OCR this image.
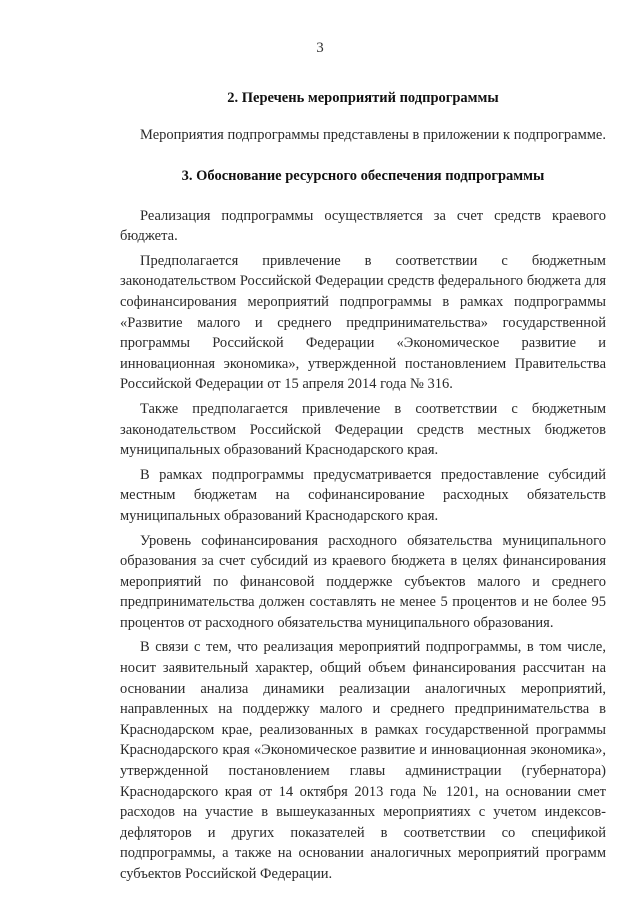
3

2. Перечень мероприятий подпрограммы

Мероприятия подпрограммы представлены в приложении к подпрограмме.

3. Обоснование ресурсного обеспечения подпрограммы

Реализация подпрограммы осуществляется за счет средств краевого бюджета.

Предполагается привлечение в соответствии с бюджетным законодательством Российской Федерации средств федерального бюджета для софинансирования мероприятий подпрограммы в рамках подпрограммы «Развитие малого и среднего предпринимательства» государственной программы Российской Федерации «Экономическое развитие и инновационная экономика», утвержденной постановлением Правительства Российской Федерации от 15 апреля 2014 года № 316.

Также предполагается привлечение в соответствии с бюджетным законодательством Российской Федерации средств местных бюджетов муниципальных образований Краснодарского края.

В рамках подпрограммы предусматривается предоставление субсидий местным бюджетам на софинансирование расходных обязательств муниципальных образований Краснодарского края.

Уровень софинансирования расходного обязательства муниципального образования за счет субсидий из краевого бюджета в целях финансирования мероприятий по финансовой поддержке субъектов малого и среднего предпринимательства должен составлять не менее 5 процентов и не более 95 процентов от расходного обязательства муниципального образования.

В связи с тем, что реализация мероприятий подпрограммы, в том числе, носит заявительный характер, общий объем финансирования рассчитан на основании анализа динамики реализации аналогичных мероприятий, направленных на поддержку малого и среднего предпринимательства в Краснодарском крае, реализованных в рамках государственной программы Краснодарского края «Экономическое развитие и инновационная экономика», утвержденной постановлением главы администрации (губернатора) Краснодарского края от 14 октября 2013 года № 1201, на основании смет расходов на участие в вышеуказанных мероприятиях с учетом индексов-дефляторов и других показателей в соответствии со спецификой подпрограммы, а также на основании аналогичных мероприятий программ субъектов Российской Федерации.
